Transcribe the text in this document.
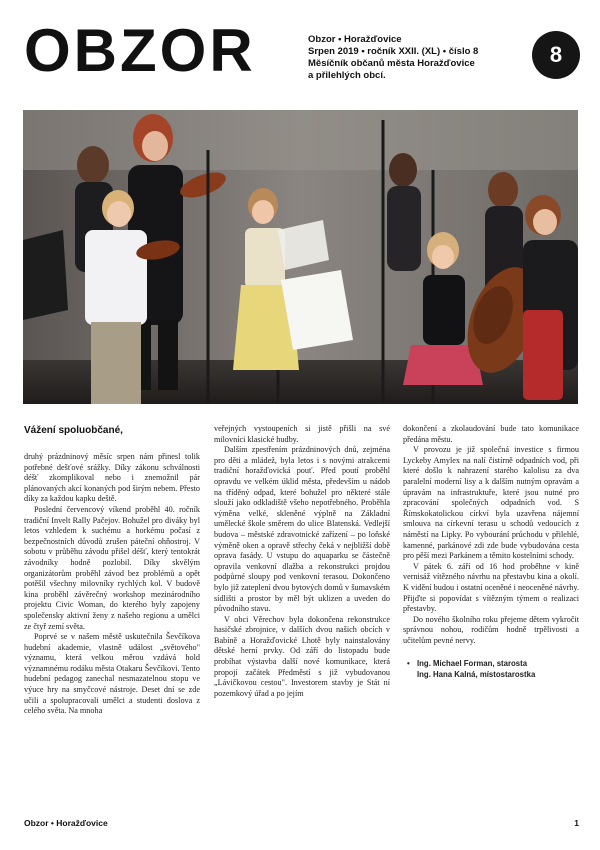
OBZOR	Obzor • Horažďovice
Srpen 2019 • ročník XXII. (XL) • číslo 8
Měsíčník občanů města Horažďovice
a přilehlých obcí.
8
Vážení spoluobčané,

druhý prázdninový měsíc srpen nám přinesl tolik potřebné dešťové srážky. Díky zákonu schválnosti déšť zkomplikoval nebo i znemožnil pár plánovaných akcí konaných pod širým nebem. Přesto díky za každou kapku deště.

Poslední červencový víkend proběhl 40. ročník tradiční Invelt Rally Pačejov. Bohužel pro diváky byl letos vzhledem k suchému a horkému počasí z bezpečnostních důvodů zrušen páteční ohňostroj. V sobotu v průběhu závodu přišel déšť, který tentokrát závodníky hodně pozlobil. Díky skvělým organizátorům proběhl závod bez problémů a opět potěšil všechny milovníky rychlých kol. V budově kina proběhl závěrečný workshop mezinárodního projektu Civic Woman, do kterého byly zapojeny společensky aktivní ženy z našeho regionu a umělci ze čtyř zemí světa.

Poprvé se v našem městě uskutečnila Ševčíkova hudební akademie, vlastně událost „světového" významu, která velkou měrou vzdává hold významnému rodáku města Otakaru Ševčíkovi. Tento hudební pedagog zanechal nesmazatelnou stopu ve výuce hry na smyčcové nástroje. Deset dní se zde učili a spolupracovali umělci a studenti doslova z celého světa. Na mnoha

veřejných vystoupeních si jistě přišli na své milovníci klasické hudby.

Dalším zpestřením prázdninových dnů, zejména pro děti a mládež, byla letos i s novými atrakcemi tradiční horažďovická pouť. Před poutí proběhl opravdu ve velkém úklid města, především u nádob na tříděný odpad, které bohužel pro některé stále slouží jako odkladiště všeho nepotřebného. Proběhla výměna velké, skleněné výplně na Základní umělecké škole směrem do ulice Blatenská. Vedlejší budova – městské zdravotnické zařízení – po loňské výměně oken a opravě střechy čeká v nejbližší době oprava fasády. U vstupu do aquaparku se částečně opravila venkovní dlažba a rekonstrukci projdou podpůrné sloupy pod venkovní terasou. Dokončeno bylo již zateplení dvou bytových domů v šumavském sídlišti a prostor by měl být uklizen a uveden do původního stavu.

V obci Věrechov byla dokončena rekonstrukce hasičské zbrojnice, v dalších dvou našich obcích v Babíně a Horažďovické Lhotě byly nainstalovány dětské herní prvky. Od září do listopadu bude probíhat výstavba další nové komunikace, která propojí začátek Předměstí s již vybudovanou „Lávičkovou cestou". Investorem stavby je Stát ní pozemkový úřad a po jejím

dokončení a zkolaudování bude tato komunikace předána městu.

V provozu je již společná investice s firmou Lyckeby Amylex na nalí čistírně odpadních vod, při které došlo k nahrazení starého kalolisu za dva paralelní moderní lisy a k dalším nutným opravám a úpravám na infrastruktuře, které jsou nutné pro zpracování společných odpadních vod. S Římskokatolickou církví byla uzavřena nájemní smlouva na církevní terasu u schodů vedoucích z náměstí na Lipky. Po vybourání průchodu v přilehlé, kamenné, parkánové zdi zde bude vybudována cesta pro pěší mezi Parkánem a těmito kostelními schody.

V pátek 6. září od 16 hod proběhne v kině vernisáž vítězného návrhu na přestavbu kina a okolí. K vidění budou i ostatní oceněné i neoceněné návrhy. Přijďte si popovídat s vítězným týmem o realizaci přestavby.

Do nového školního roku přejeme dětem vykročit správnou nohou, rodičům hodně trpělivosti a učitelům pevné nervy.

• Ing. Michael Forman, starosta
Ing. Hana Kalná, místostarostka
Obzor • Horažďovice	1
